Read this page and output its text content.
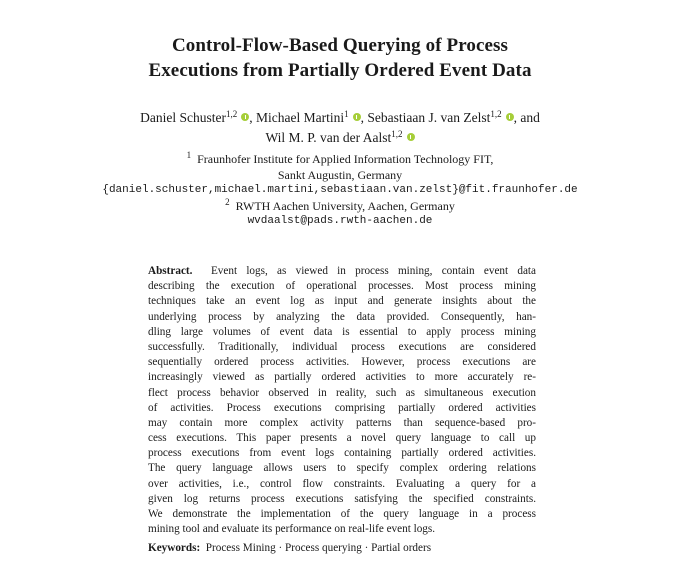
Control-Flow-Based Querying of Process
Executions from Partially Ordered Event Data
Daniel Schuster$^{1,2}$ , Michael Martini$^1$ , Sebastiaan J. van Zelst$^{1,2}$ , and
Wil M. P. van der Aalst$^{1,2}$
$^1$ Fraunhofer Institute for Applied Information Technology FIT,
Sankt Augustin, Germany
{daniel.schuster,michael.martini,sebastiaan.van.zelst}@fit.fraunhofer.de
$^2$ RWTH Aachen University, Aachen, Germany
wvdaalst@pads.rwth-aachen.de
Abstract. Event logs, as viewed in process mining, contain event data
describing the execution of operational processes. Most process mining
techniques take an event log as input and generate insights about the
underlying process by analyzing the data provided. Consequently, han-
dling large volumes of event data is essential to apply process mining
successfully. Traditionally, individual process executions are considered
sequentially ordered process activities. However, process executions are
increasingly viewed as partially ordered activities to more accurately re-
flect process behavior observed in reality, such as simultaneous execution
of activities. Process executions comprising partially ordered activities
may contain more complex activity patterns than sequence-based pro-
cess executions. This paper presents a novel query language to call up
process executions from event logs containing partially ordered activities.
The query language allows users to specify complex ordering relations
over activities, i.e., control flow constraints. Evaluating a query for a
given log returns process executions satisfying the specified constraints.
We demonstrate the implementation of the query language in a process
mining tool and evaluate its performance on real-life event logs.
Keywords: Process Mining · Process querying · Partial orders
